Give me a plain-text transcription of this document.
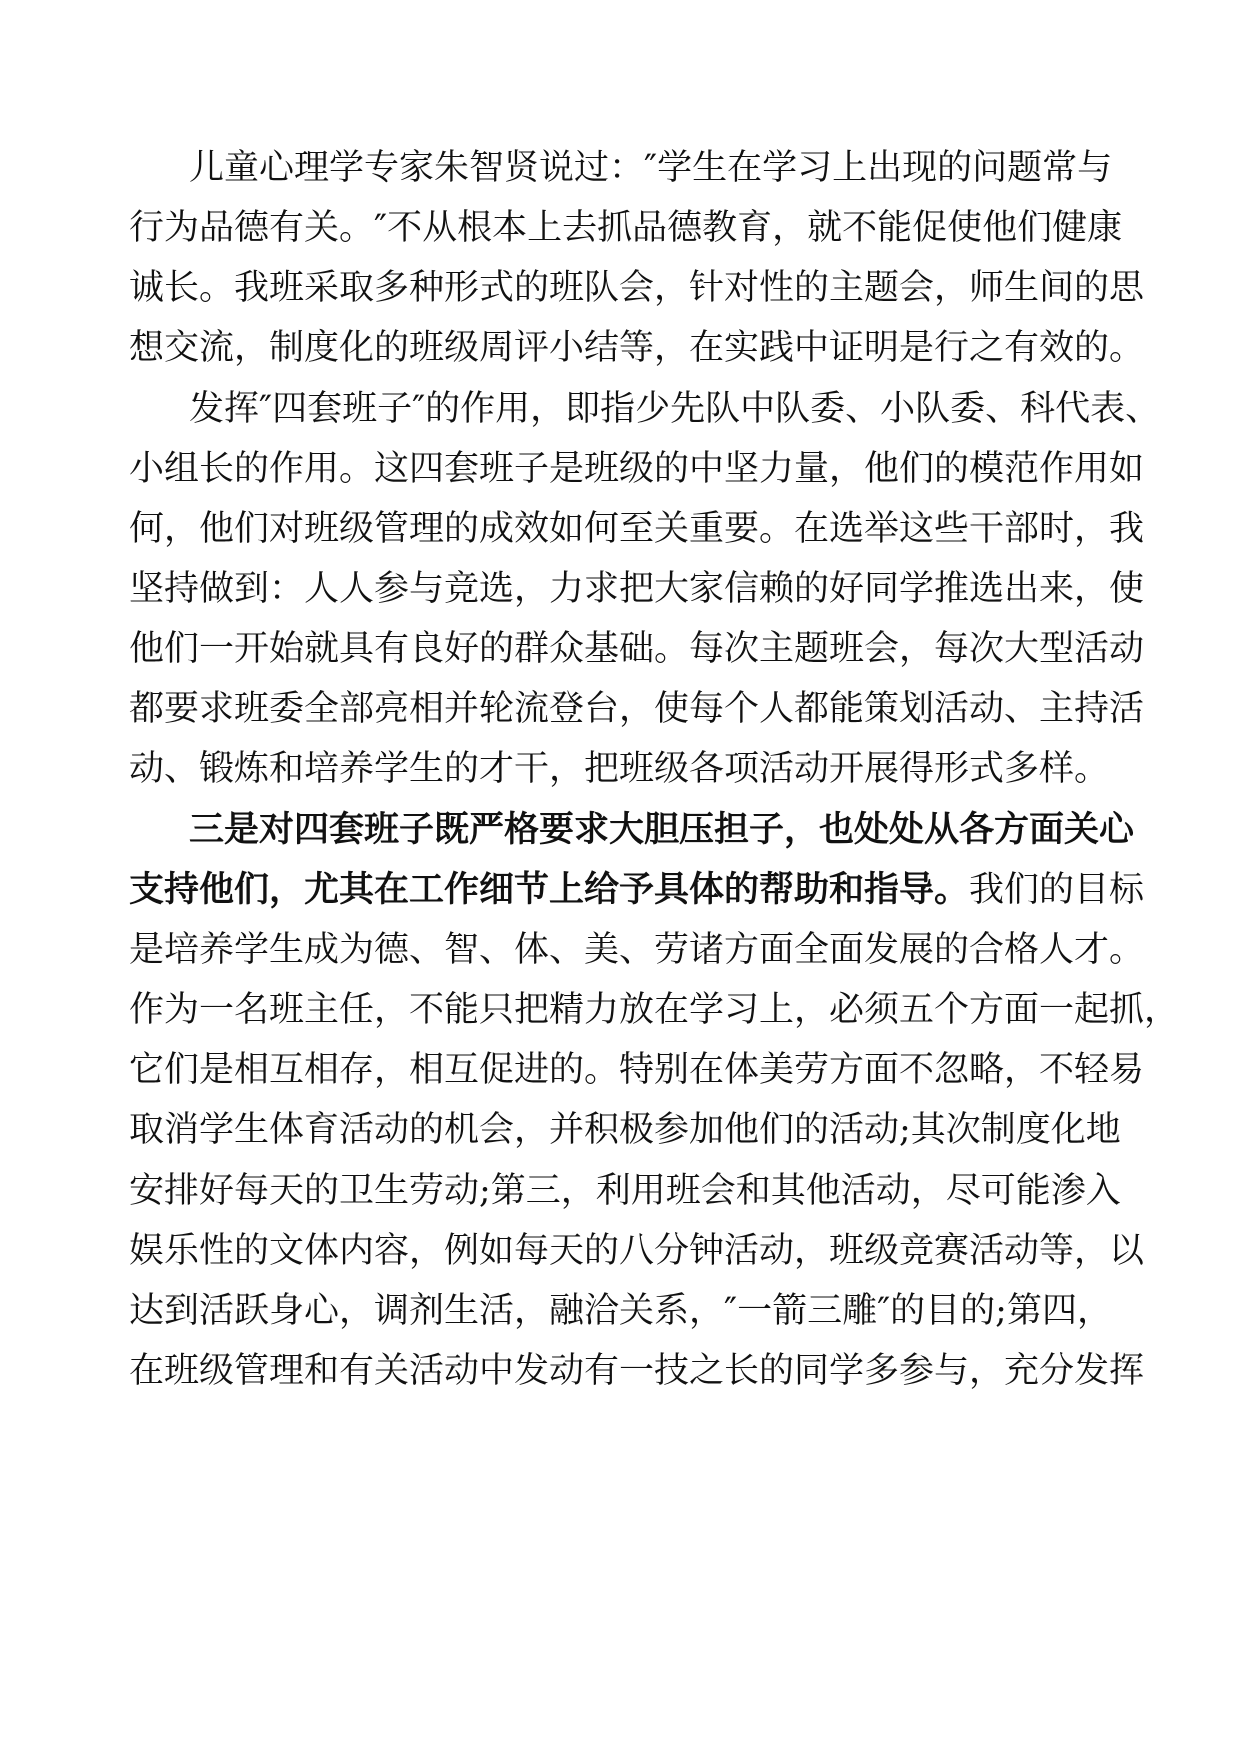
儿童心理学专家朱智贤说过：″学生在学习上出现的问题常与
行为品德有关。″不从根本上去抓品德教育，就不能促使他们健康
诚长。我班采取多种形式的班队会，针对性的主题会，师生间的思
想交流，制度化的班级周评小结等，在实践中证明是行之有效的。
发挥″四套班子″的作用，即指少先队中队委、小队委、科代表、
小组长的作用。这四套班子是班级的中坚力量，他们的模范作用如
何，他们对班级管理的成效如何至关重要。在选举这些干部时，我
坚持做到：人人参与竞选，力求把大家信赖的好同学推选出来，使
他们一开始就具有良好的群众基础。每次主题班会，每次大型活动
都要求班委全部亮相并轮流登台，使每个人都能策划活动、主持活
动、锻炼和培养学生的才干，把班级各项活动开展得形式多样。
三是对四套班子既严格要求大胆压担子，也处处从各方面关心
支持他们，尤其在工作细节上给予具体的帮助和指导。我们的目标
是培养学生成为德、智、体、美、劳诸方面全面发展的合格人才。
作为一名班主任，不能只把精力放在学习上，必须五个方面一起抓，
它们是相互相存，相互促进的。特别在体美劳方面不忽略，不轻易
取消学生体育活动的机会，并积极参加他们的活动;其次制度化地
安排好每天的卫生劳动;第三，利用班会和其他活动，尽可能渗入
娱乐性的文体内容，例如每天的八分钟活动，班级竞赛活动等，以
达到活跃身心，调剂生活，融洽关系，″一箭三雕″的目的;第四，
在班级管理和有关活动中发动有一技之长的同学多参与，充分发挥
